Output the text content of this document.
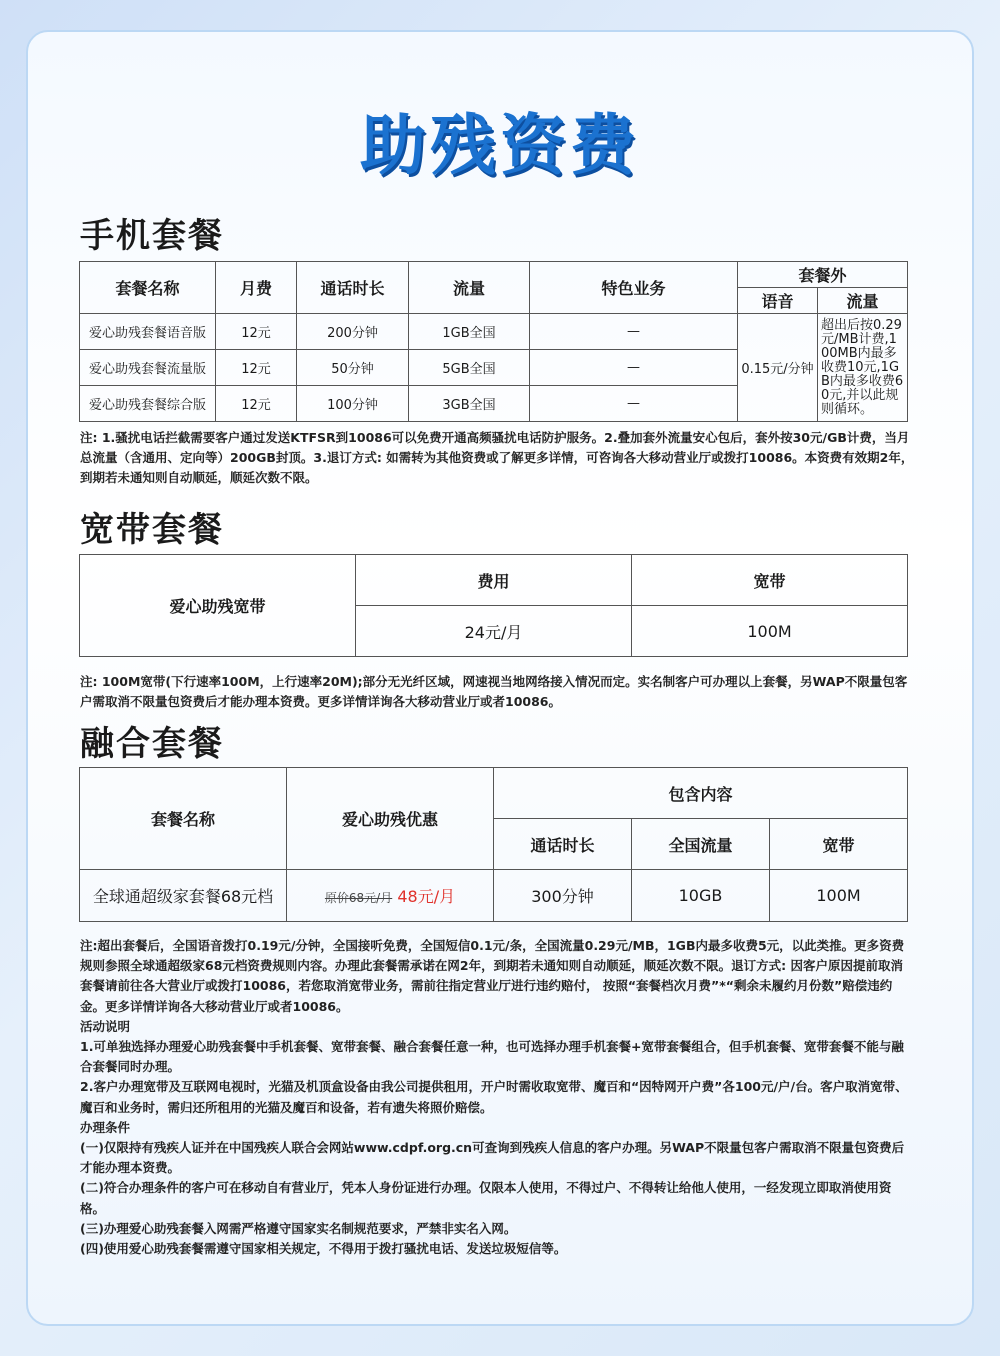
助残资费
手机套餐
套餐名称	月费	通话时长	流量	特色业务	套餐外	
					语音	流量
爱心助残套餐语音版	12元	200分钟	1GB全国	—	0.15元/分钟	超出后按0.29元/MB计费,100MB内最多收费10元,1GB内最多收费60元,并以此规则循环。
爱心助残套餐流量版	12元	50分钟	5GB全国	—		
爱心助残套餐综合版	12元	100分钟	3GB全国	—		

注: 1.骚扰电话拦截需要客户通过发送KTFSR到10086可以免费开通高频骚扰电话防护服务。2.叠加套外流量安心包后，套外按30元/GB计费，当月总流量（含通用、定向等）200GB封顶。3.退订方式: 如需转为其他资费或了解更多详情，可咨询各大移动营业厅或拨打10086。本资费有效期2年，到期若未通知则自动顺延，顺延次数不限。

宽带套餐
爱心助残宽带	费用	宽带
	24元/月	100M

注: 100M宽带(下行速率100M，上行速率20M);部分无光纤区域，网速视当地网络接入情况而定。实名制客户可办理以上套餐，另WAP不限量包客户需取消不限量包资费后才能办理本资费。更多详情详询各大移动营业厅或者10086。

融合套餐
套餐名称	爱心助残优惠	包含内容		
		通话时长	全国流量	宽带
全球通超级家套餐68元档	原价68元/月 48元/月	300分钟	10GB	100M
注:超出套餐后，全国语音拨打0.19元/分钟，全国接听免费，全国短信0.1元/条，全国流量0.29元/MB，1GB内最多收费5元，以此类推。更多资费规则参照全球通超级家68元档资费规则内容。办理此套餐需承诺在网2年，到期若未通知则自动顺延，顺延次数不限。退订方式: 因客户原因提前取消套餐请前往各大营业厅或拨打10086，若您取消宽带业务，需前往指定营业厅进行违约赔付， 按照“套餐档次月费”*“剩余未履约月份数”赔偿违约金。更多详情详询各大移动营业厅或者10086。
活动说明
1.可单独选择办理爱心助残套餐中手机套餐、宽带套餐、融合套餐任意一种，也可选择办理手机套餐+宽带套餐组合，但手机套餐、宽带套餐不能与融合套餐同时办理。
2.客户办理宽带及互联网电视时，光猫及机顶盒设备由我公司提供租用，开户时需收取宽带、魔百和“因特网开户费”各100元/户/台。客户取消宽带、魔百和业务时，需归还所租用的光猫及魔百和设备，若有遗失将照价赔偿。
办理条件
(一)仅限持有残疾人证并在中国残疾人联合会网站www.cdpf.org.cn可查询到残疾人信息的客户办理。另WAP不限量包客户需取消不限量包资费后才能办理本资费。
(二)符合办理条件的客户可在移动自有营业厅，凭本人身份证进行办理。仅限本人使用，不得过户、不得转让给他人使用，一经发现立即取消使用资格。
(三)办理爱心助残套餐入网需严格遵守国家实名制规范要求，严禁非实名入网。
(四)使用爱心助残套餐需遵守国家相关规定，不得用于拨打骚扰电话、发送垃圾短信等。
